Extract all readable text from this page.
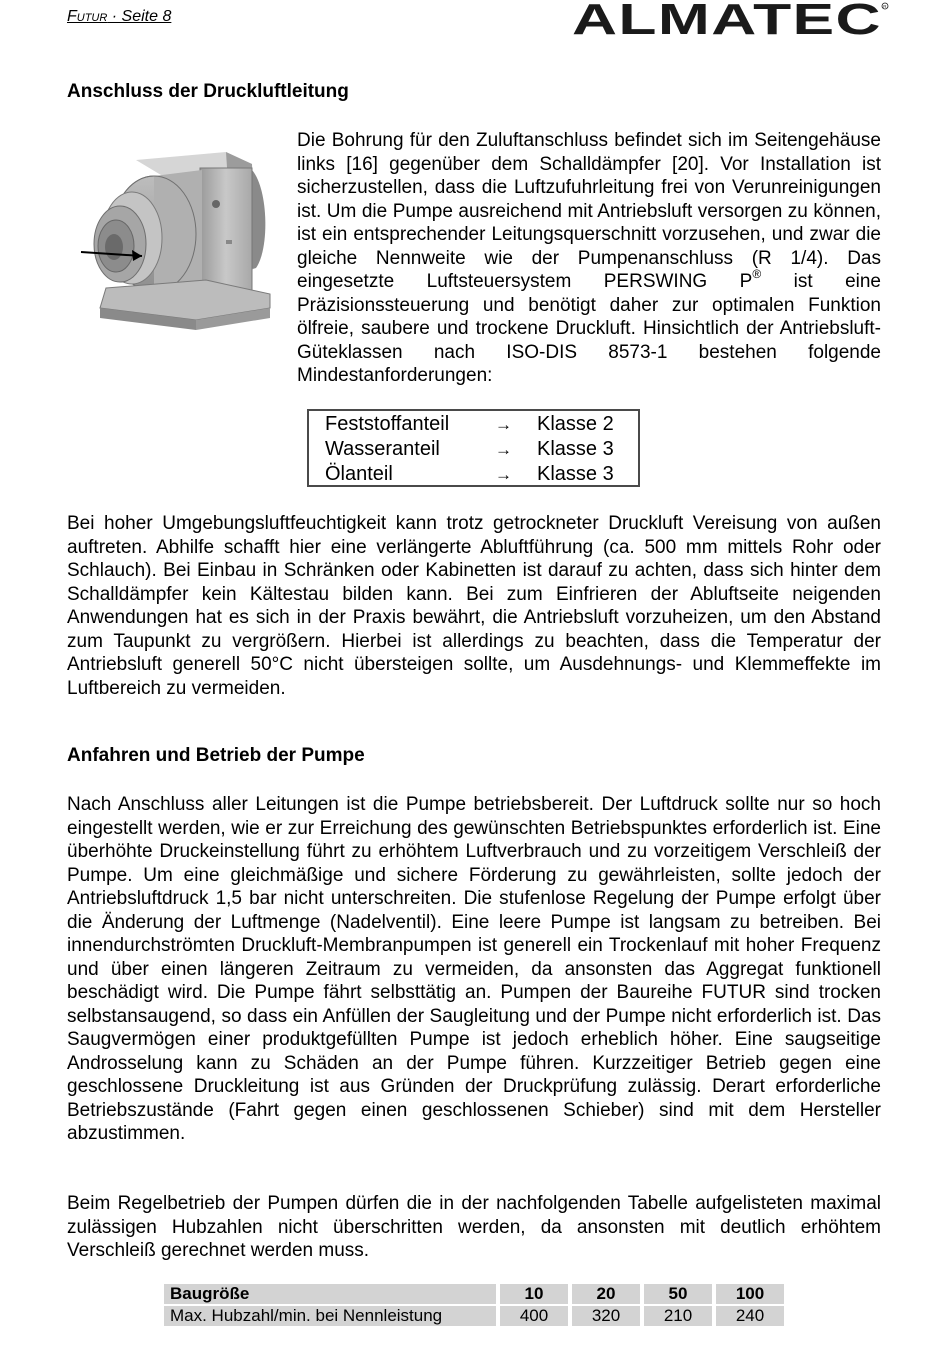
Futur · Seite 8	ALMATEC R
Anschluss der Druckluftleitung

Die Bohrung für den Zuluftanschluss befindet sich im Seitengehäuse links [16] gegenüber dem Schalldämpfer [20]. Vor Installation ist sicherzustellen, dass die Luftzufuhrleitung frei von Verunreinigungen ist. Um die Pumpe ausreichend mit Antriebsluft versorgen zu können, ist ein entsprechender Leitungsquerschnitt vorzusehen, und zwar die gleiche Nennweite wie der Pumpenanschluss (R 1/4). Das eingesetzte Luftsteuersystem PERSWING P® ist eine Präzisionssteuerung und benötigt daher zur optimalen Funktion ölfreie, saubere und trockene Druckluft. Hinsichtlich der Antriebsluft-Güteklassen nach ISO-DIS 8573-1 bestehen folgende Mindestanforderungen:

Feststoffanteil	→ Klasse 2
Wasseranteil	→ Klasse 3
Ölanteil	→ Klasse 3

Bei hoher Umgebungsluftfeuchtigkeit kann trotz getrockneter Druckluft Vereisung von außen auftreten. Abhilfe schafft hier eine verlängerte Abluftführung (ca. 500 mm mittels Rohr oder Schlauch). Bei Einbau in Schränken oder Kabinetten ist darauf zu achten, dass sich hinter dem Schalldämpfer kein Kältestau bilden kann. Bei zum Einfrieren der Abluftseite neigenden Anwendungen hat es sich in der Praxis bewährt, die Antriebsluft vorzuheizen, um den Abstand zum Taupunkt zu vergrößern. Hierbei ist allerdings zu beachten, dass die Temperatur der Antriebsluft generell 50°C nicht übersteigen sollte, um Ausdehnungs- und Klemmeffekte im Luftbereich zu vermeiden.

Anfahren und Betrieb der Pumpe

Nach Anschluss aller Leitungen ist die Pumpe betriebsbereit. Der Luftdruck sollte nur so hoch eingestellt werden, wie er zur Erreichung des gewünschten Betriebspunktes erforderlich ist. Eine überhöhte Druckeinstellung führt zu erhöhtem Luftverbrauch und zu vorzeitigem Verschleiß der Pumpe. Um eine gleichmäßige und sichere Förderung zu gewährleisten, sollte jedoch der Antriebsluftdruck 1,5 bar nicht unterschreiten. Die stufenlose Regelung der Pumpe erfolgt über die Änderung der Luftmenge (Nadelventil). Eine leere Pumpe ist langsam zu betreiben. Bei innendurchströmten Druckluft-Membranpumpen ist generell ein Trockenlauf mit hoher Frequenz und über einen längeren Zeitraum zu vermeiden, da ansonsten das Aggregat funktionell beschädigt wird. Die Pumpe fährt selbsttätig an. Pumpen der Baureihe FUTUR sind trocken selbstansaugend, so dass ein Anfüllen der Saugleitung und der Pumpe nicht erforderlich ist. Das Saugvermögen einer produktgefüllten Pumpe ist jedoch erheblich höher. Eine saugseitige Androsselung kann zu Schäden an der Pumpe führen. Kurzzeitiger Betrieb gegen eine geschlossene Druckleitung ist aus Gründen der Druckprüfung zulässig. Derart erforderliche Betriebszustände (Fahrt gegen einen geschlossenen Schieber) sind mit dem Hersteller abzustimmen.

Beim Regelbetrieb der Pumpen dürfen die in der nachfolgenden Tabelle aufgelisteten maximal zulässigen Hubzahlen nicht überschritten werden, da ansonsten mit deutlich erhöhtem Verschleiß gerechnet werden muss.

Baugröße	10	20	50	100
Max. Hubzahl/min. bei Nennleistung	400	320	210	240
